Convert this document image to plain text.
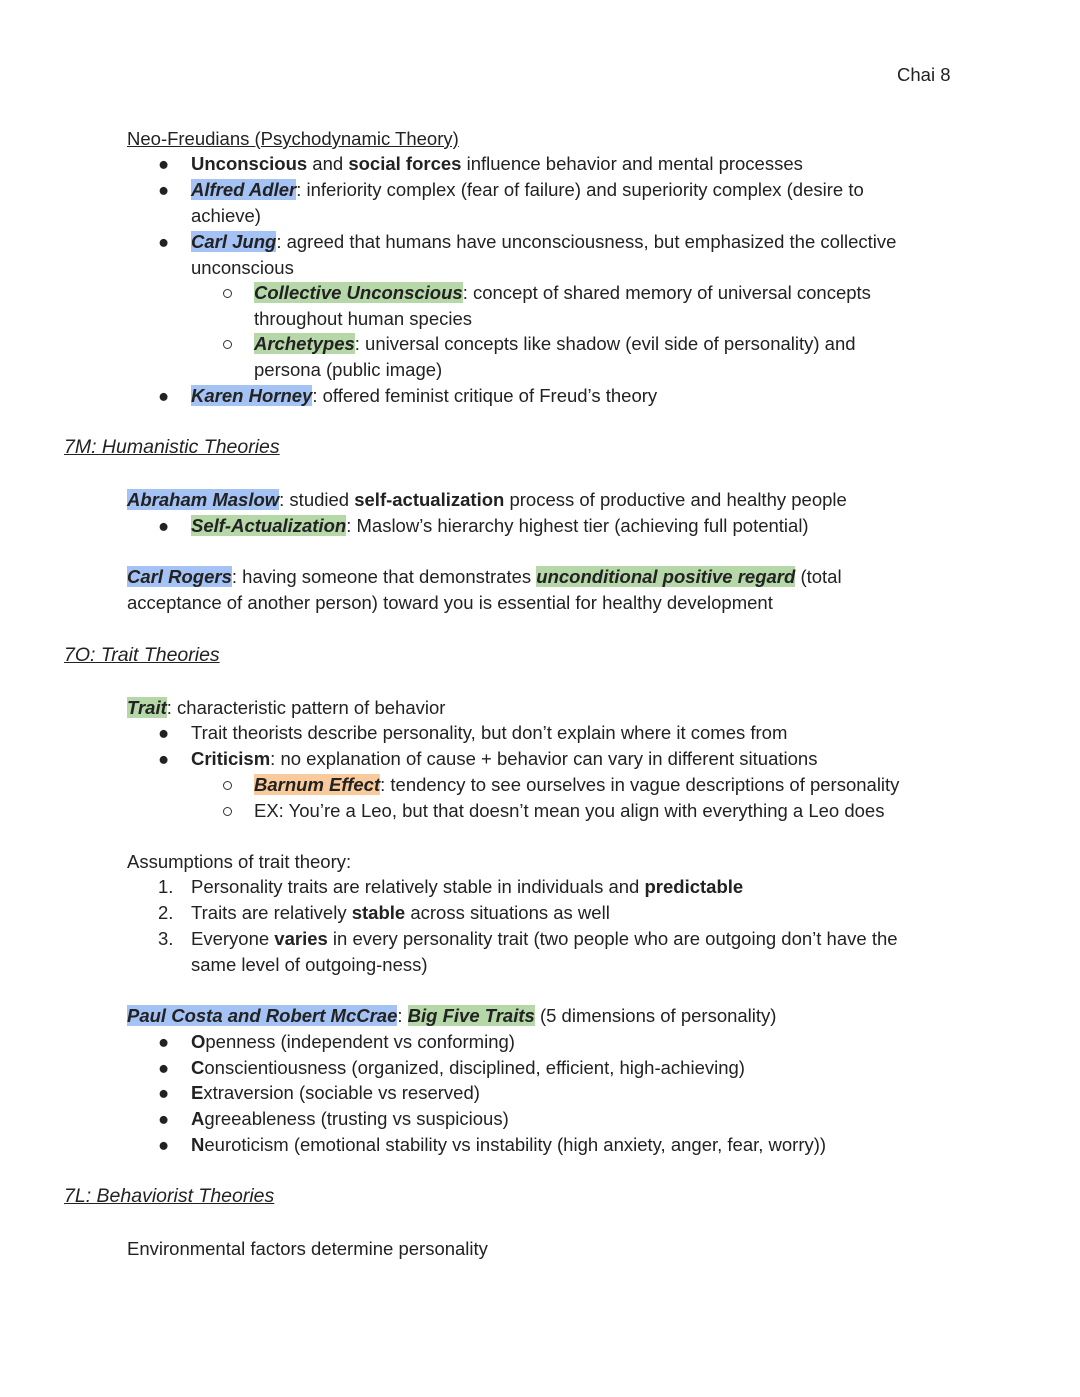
Chai 8
Neo-Freudians (Psychodynamic Theory)
● Unconscious and social forces influence behavior and mental processes
● Alfred Adler: inferiority complex (fear of failure) and superiority complex (desire to
achieve)
● Carl Jung: agreed that humans have unconsciousness, but emphasized the collective
unconscious
Collective Unconscious: concept of shared memory of universal concepts
throughout human species
Archetypes: universal concepts like shadow (evil side of personality) and
persona (public image)
● Karen Horney: offered feminist critique of Freud’s theory
7M: Humanistic Theories
Abraham Maslow: studied self-actualization process of productive and healthy people
● Self-Actualization: Maslow’s hierarchy highest tier (achieving full potential)
Carl Rogers: having someone that demonstrates unconditional positive regard (total
acceptance of another person) toward you is essential for healthy development
7O: Trait Theories
Trait: characteristic pattern of behavior
● Trait theorists describe personality, but don’t explain where it comes from
● Criticism: no explanation of cause + behavior can vary in different situations
Barnum Effect: tendency to see ourselves in vague descriptions of personality
EX: You’re a Leo, but that doesn’t mean you align with everything a Leo does
Assumptions of trait theory:
1. Personality traits are relatively stable in individuals and predictable
2. Traits are relatively stable across situations as well
3. Everyone varies in every personality trait (two people who are outgoing don’t have the
same level of outgoing-ness)
Paul Costa and Robert McCrae: Big Five Traits (5 dimensions of personality)
● Openness (independent vs conforming)
● Conscientiousness (organized, disciplined, efficient, high-achieving)
● Extraversion (sociable vs reserved)
● Agreeableness (trusting vs suspicious)
● Neuroticism (emotional stability vs instability (high anxiety, anger, fear, worry))
7L: Behaviorist Theories
Environmental factors determine personality
